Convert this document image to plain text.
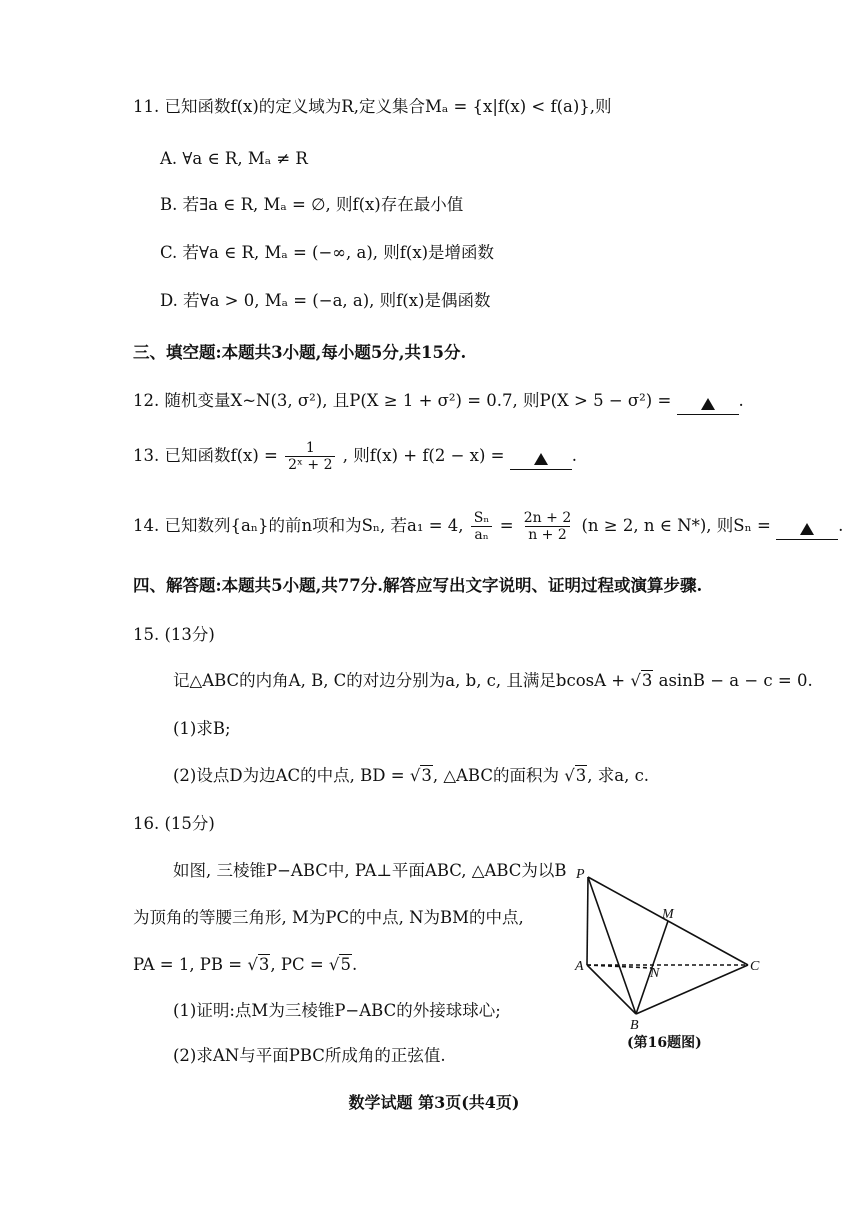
11. 已知函数f(x)的定义域为R,定义集合Mₐ = {x|f(x) < f(a)},则
A. ∀a ∈ R, Mₐ ≠ R
B. 若∃a ∈ R, Mₐ = ∅, 则f(x)存在最小值
C. 若∀a ∈ R, Mₐ = (−∞, a), 则f(x)是增函数
D. 若∀a > 0, Mₐ = (−a, a), 则f(x)是偶函数
三、填空题:本题共3小题,每小题5分,共15分.
12. 随机变量X~N(3, σ²), 且P(X ≥ 1 + σ²) = 0.7, 则P(X > 5 − σ²) =	.
13. 已知函数$f(x) = \frac{1}{\text{2ˣ + 2}}$ , 则f(x) + f(2 − x) =	.
14. 已知数列{aₙ}的前n项和为Sₙ, 若a₁ = 4, $\frac{\text{Sₙ}}{\text{aₙ}} = \frac{2n + 2}{n + 2} (n \ge 2$, n ∈ N*), 则Sₙ =	.
四、解答题:本题共5小题,共77分.解答应写出文字说明、证明过程或演算步骤.
15. (13分)
记△ABC的内角A, B, C的对边分别为a, b, c, 且满足bcosA + √3 asinB − a − c = 0.
(1)求B;
(2)设点D为边AC的中点, BD = √3, △ABC的面积为 √3, 求a, c.
16. (15分)
如图, 三棱锥P−ABC中, PA⊥平面ABC, △ABC为以B
为顶角的等腰三角形, M为PC的中点, N为BM的中点,
PA = 1, PB = √3, PC = √5.
(1)证明:点M为三棱锥P−ABC的外接球球心;
(2)求AN与平面PBC所成角的正弦值.
P
M
A	N	C
B
(第16题图)
数学试题 第3页(共4页)
